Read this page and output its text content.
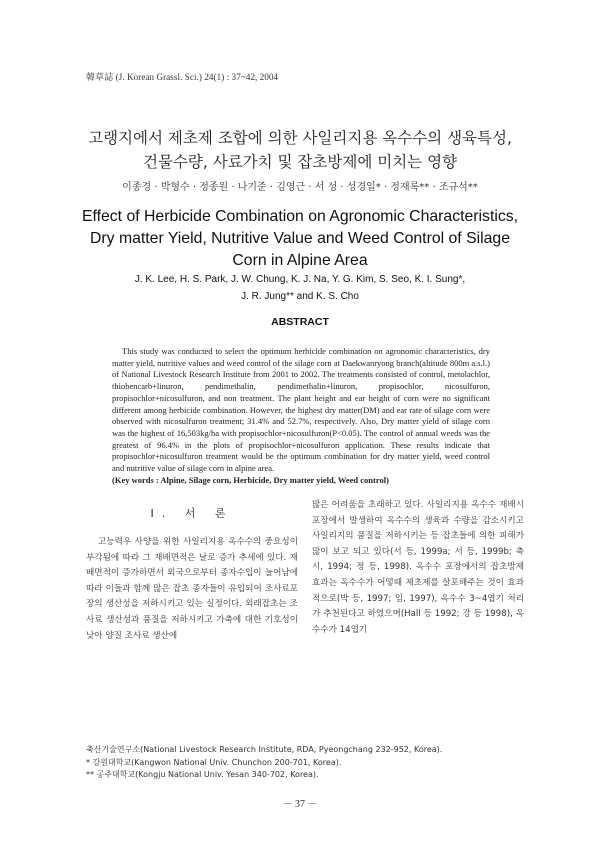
韓草誌 (J. Korean Grassl. Sci.) 24(1) : 37~42, 2004
고랭지에서 제초제 조합에 의한 사일리지용 옥수수의 생육특성,
건물수량, 사료가치 및 잡초방제에 미치는 영향
이종경 · 박형수 · 정종원 · 나기준 · 김영근 · 서 성 · 성경일* · 정재록** · 조규석**
Effect of Herbicide Combination on Agronomic Characteristics,
Dry matter Yield, Nutritive Value and Weed Control of Silage
Corn in Alpine Area
J. K. Lee, H. S. Park, J. W. Chung, K. J. Na, Y. G. Kim, S. Seo, K. I. Sung*,
J. R. Jung** and K. S. Cho
ABSTRACT

This study was conducted to select the optimum herbicide combination on agronomic characteristics, dry matter yield, nutritive values and weed control of the silage corn at Daekwanryong branch(altitude 800m a.s.l.) of National Livestock Research Institute from 2001 to 2002. The treatments consisted of control, metolachlor, thiobencarb+linuron, pendimethalin, pendimethalin+linuron, propisochlor, nicosulfuron, propisochlor+nicosulfuron, and non treatment. The plant height and ear height of corn were no significant different among herbicide combination. However, the highest dry matter(DM) and ear rate of silage corn were observed with nicosulfuron treatment; 31.4% and 52.7%, respectively. Also, Dry matter yield of silage corn was the highest of 16,503kg/ha with propisochlor+nicosulfuron(P<0.05). The control of annual weeds was the greatest of 96.4% in the plots of propisochlor+nicosulfuron application. These results indicate that propisochlor+nicosulfuron treatment would be the optimum combination for dry matter yield, weed control and nutritive value of silage corn in alpine area.

(Key words : Alpine, Silage corn, Herbicide, Dry matter yield, Weed control)
Ⅰ. 서 론

고능력우 사양을 위한 사일리지용 옥수수의 중요성이 부각됨에 따라 그 재배면적은 날로 증가 추세에 있다. 재배면적이 증가하면서 외국으로부터 종자수입이 늘어남에 따라 이들과 함께 많은 잡초 종자들이 유입되어 조사료포장의 생산성을 저하시키고 있는 실정이다. 외래잡초는 조사료 생산성과 품질을 저하시키고 가축에 대한 기호성이 낮아 양질 조사료 생산에

많은 어려움을 초래하고 있다. 사일리지용 옥수수 재배시 포장에서 발생하여 옥수수의 생육과 수량을 감소시키고 사일리지의 품질을 저하시키는 등 잡초들에 의한 피해가 많이 보고 되고 있다(서 등, 1999a; 서 등, 1999b; 축시, 1994; 정 등, 1998). 옥수수 포장에서의 잡초방제 효과는 옥수수가 어떻때 제초제를 살포해주는 것이 효과적으로(박 등, 1997; 임, 1997), 옥수수 3~4엽기 처리가 추천된다고 하였으며(Hall 등 1992; 강 등 1998), 옥수수가 14엽기

축산기술연구소(National Livestock Research Institute, RDA, Pyeongchang 232-952, Korea).
* 강원대학교(Kangwon National Univ. Chunchon 200-701, Korea).
** 공주대학교(Kongju National Univ. Yesan 340-702, Korea).
－ 37 －
